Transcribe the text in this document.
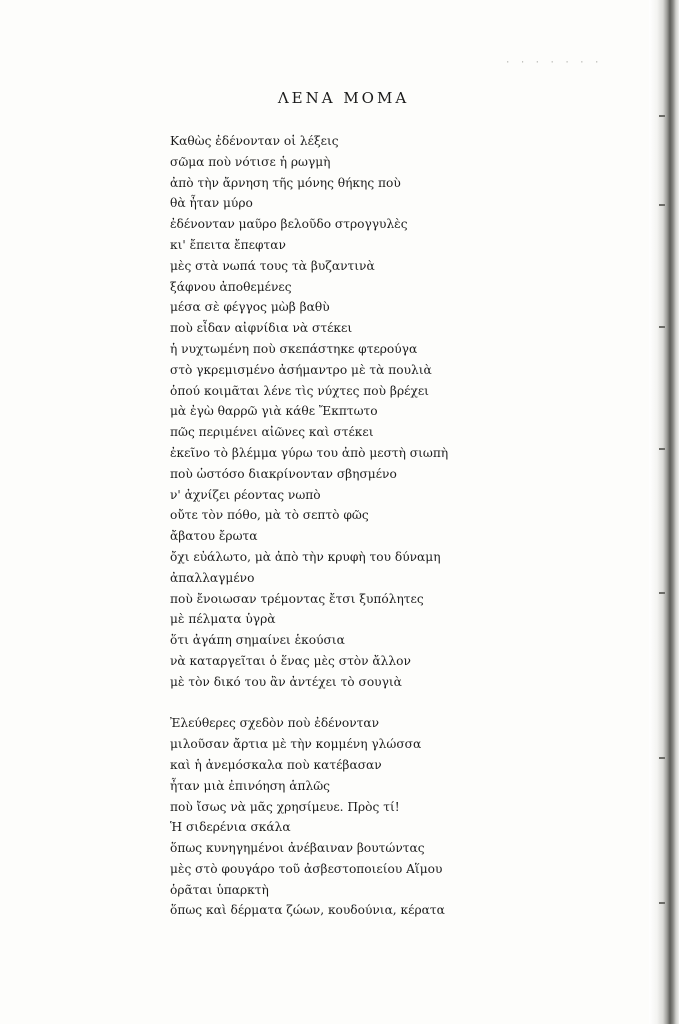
· · · · · · ·
ΛΕΝΑ ΜΟΜΑ
Καθὼς ἐδένονταν οἱ λέξεις
σῶμα ποὺ νότισε ἡ ρωγμὴ
ἀπὸ τὴν ἄρνηση τῆς μόνης θήκης ποὺ
θὰ ἦταν μύρο
ἐδένονταν μαῦρο βελοῦδο στρογγυλὲς
κι' ἔπειτα ἔπεφταν
μὲς στὰ νωπά τους τὰ βυζαντινὰ
ξάφνου ἀποθεμένες
μέσα σὲ φέγγος μὼβ βαθὺ
ποὺ εἶδαν αἰφνίδια νὰ στέκει
ἡ νυχτωμένη ποὺ σκεπάστηκε φτερούγα
στὸ γκρεμισμένο ἀσήμαντρο μὲ τὰ πουλιὰ
ὁπού κοιμᾶται λένε τὶς νύχτες ποὺ βρέχει
μὰ ἐγὼ θαρρῶ γιὰ κάθε Ἔκπτωτο
πῶς περιμένει αἰῶνες καὶ στέκει
ἐκεῖνο τὸ βλέμμα γύρω του ἀπὸ μεστὴ σιωπὴ
ποὺ ὡστόσο διακρίνονταν σβησμένο
ν' ἀχνίζει ρέοντας νωπὸ
οὔτε τὸν πόθο, μὰ τὸ σεπτὸ φῶς
ἄβατου ἔρωτα
ὄχι εὐάλωτο, μὰ ἀπὸ τὴν κρυφὴ του δύναμη
ἀπαλλαγμένο
ποὺ ἔνοιωσαν τρέμοντας ἔτσι ξυπόλητες
μὲ πέλματα ὑγρὰ
ὅτι ἀγάπη σημαίνει ἑκούσια
νὰ καταργεῖται ὁ ἕνας μὲς στὸν ἄλλον
μὲ τὸν δικό του ἂν ἀντέχει τὸ σουγιὰ
Ἐλεύθερες σχεδὸν ποὺ ἐδένονταν
μιλοῦσαν ἄρτια μὲ τὴν κομμένη γλώσσα
καὶ ἡ ἀνεμόσκαλα ποὺ κατέβασαν
ἦταν μιὰ ἐπινόηση ἁπλῶς
ποὺ ἴσως νὰ μᾶς χρησίμευε. Πρὸς τί!
Ἡ σιδερένια σκάλα
ὅπως κυνηγημένοι ἀνέβαιναν βουτώντας
μὲς στὸ φουγάρο τοῦ ἀσβεστοποιείου Αἵμου
ὁρᾶται ὑπαρκτὴ
ὅπως καὶ δέρματα ζώων, κουδούνια, κέρατα
